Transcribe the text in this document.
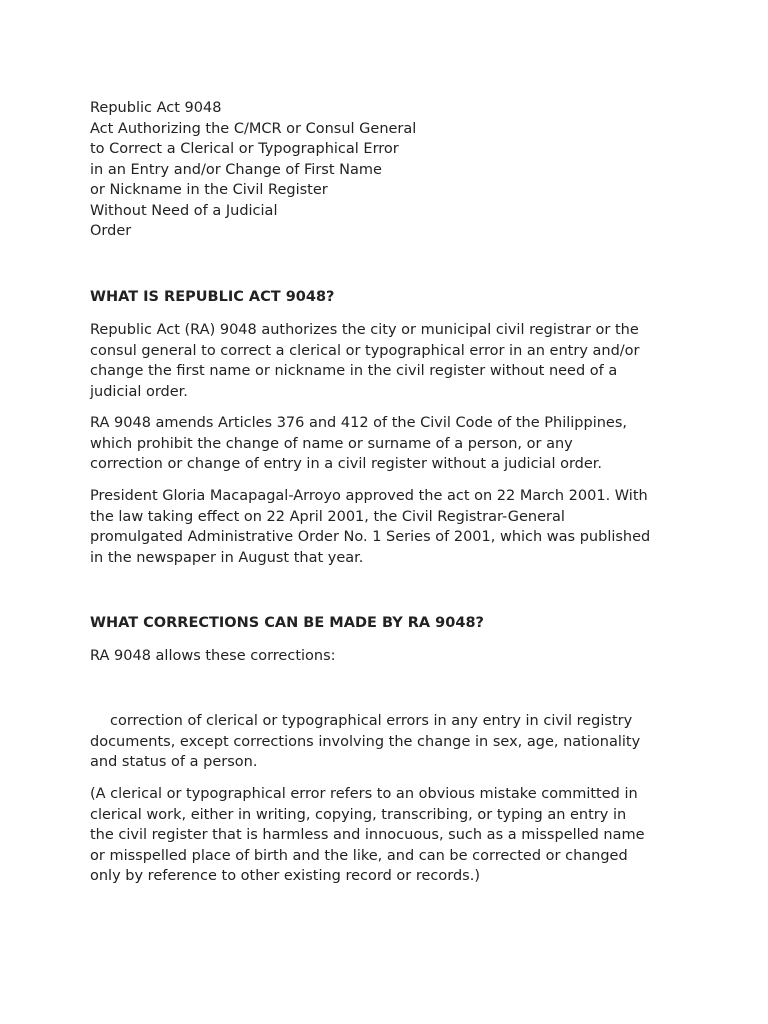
Republic Act 9048
Act Authorizing the C/MCR or Consul General
to Correct a Clerical or Typographical Error
in an Entry and/or Change of First Name
or Nickname in the Civil Register
Without Need of a Judicial
Order
WHAT IS REPUBLIC ACT 9048?
Republic Act (RA) 9048 authorizes the city or municipal civil registrar or the
consul general to correct a clerical or typographical error in an entry and/or
change the first name or nickname in the civil register without need of a
judicial order.
RA 9048 amends Articles 376 and 412 of the Civil Code of the Philippines,
which prohibit the change of name or surname of a person, or any
correction or change of entry in a civil register without a judicial order.
President Gloria Macapagal-Arroyo approved the act on 22 March 2001. With
the law taking effect on 22 April 2001, the Civil Registrar-General
promulgated Administrative Order No. 1 Series of 2001, which was published
in the newspaper in August that year.
WHAT CORRECTIONS CAN BE MADE BY RA 9048?
RA 9048 allows these corrections:
correction of clerical or typographical errors in any entry in civil registry
documents, except corrections involving the change in sex, age, nationality
and status of a person.
(A clerical or typographical error refers to an obvious mistake committed in
clerical work, either in writing, copying, transcribing, or typing an entry in
the civil register that is harmless and innocuous, such as a misspelled name
or misspelled place of birth and the like, and can be corrected or changed
only by reference to other existing record or records.)
